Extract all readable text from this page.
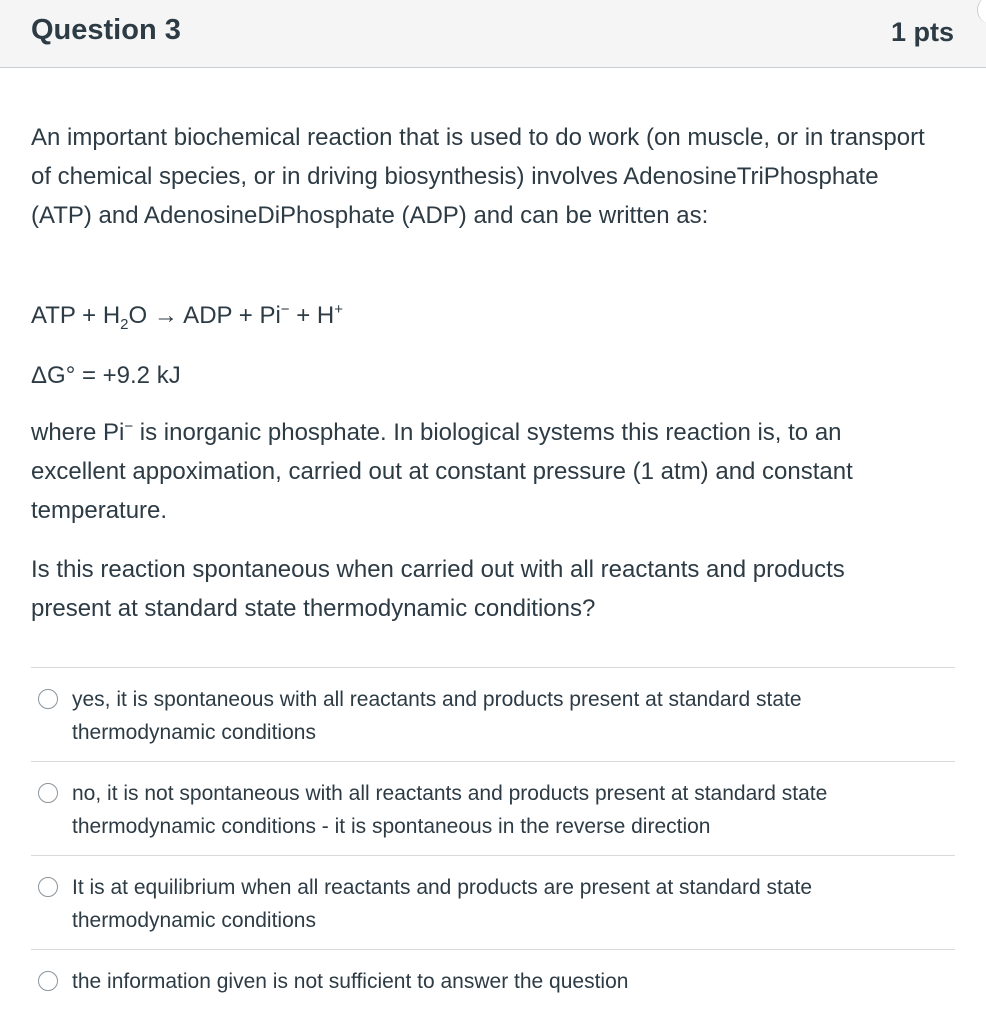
Question 3	1 pts
An important biochemical reaction that is used to do work (on muscle, or in transport of chemical species, or in driving biosynthesis) involves AdenosineTriPhosphate (ATP) and AdenosineDiPhosphate (ADP) and can be written as:
ATP + $H_2O$ → ADP + Pi− + H+
ΔG° = +9.2 kJ
where Pi− is inorganic phosphate. In biological systems this reaction is, to an excellent appoximation, carried out at constant pressure (1 atm) and constant temperature.
Is this reaction spontaneous when carried out with all reactants and products present at standard state thermodynamic conditions?
yes, it is spontaneous with all reactants and products present at standard state thermodynamic conditions
no, it is not spontaneous with all reactants and products present at standard state thermodynamic conditions - it is spontaneous in the reverse direction
It is at equilibrium when all reactants and products are present at standard state thermodynamic conditions
the information given is not sufficient to answer the question
